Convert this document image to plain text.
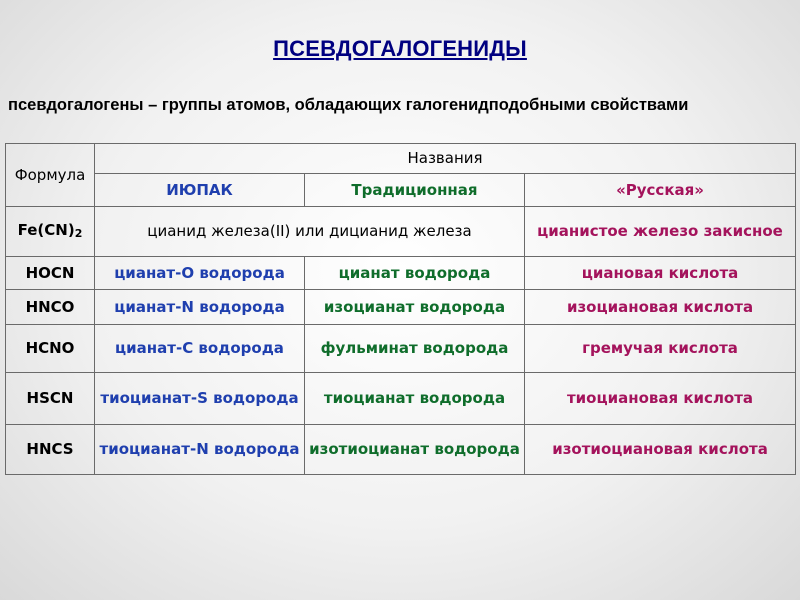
ПСЕВДОГАЛОГЕНИДЫ
псевдогалогены – группы атомов, обладающих галогенидподобными свойствами
Формула	Названия		
	ИЮПАК	Традиционная	«Русская»
$Fe(CN)_2$	цианид железа(II) или дицианид железа		цианистое железо закисное
HOCN	цианат-O водорода	цианат водорода	циановая кислота
HNCO	цианат-N водорода	изоцианат водорода	изоциановая кислота
HCNO	цианат-C водорода	фульминат водорода	гремучая кислота
HSCN	тиоцианат-S водорода	тиоцианат водорода	тиоциановая кислота
HNCS	тиоцианат-N водорода	изотиоцианат водорода	изотиоциановая кислота
